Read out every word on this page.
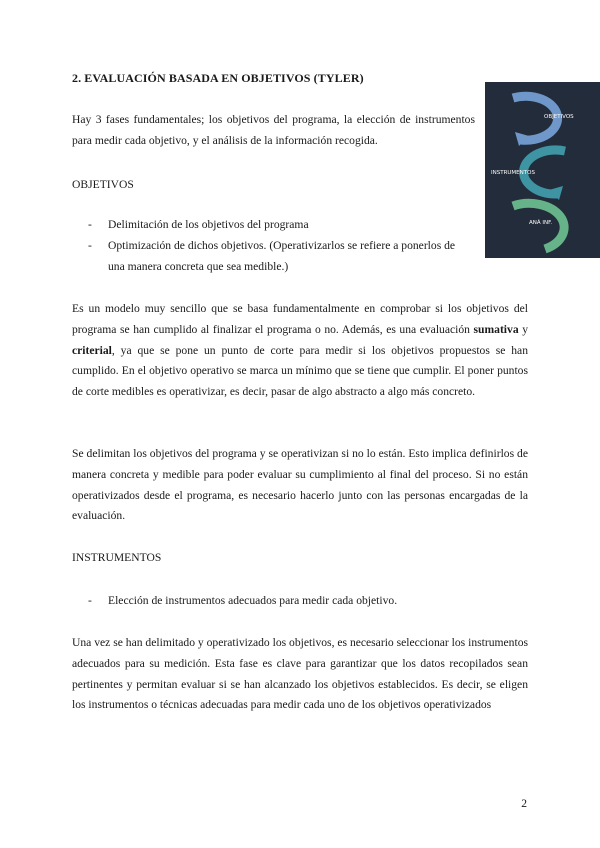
2. EVALUACIÓN BASADA EN OBJETIVOS (TYLER)

Hay 3 fases fundamentales; los objetivos del programa, la elección de instrumentos para medir cada objetivo, y el análisis de la información recogida.

OBJETIVOS
INSTRUMENTOS
ANÁ INF.
OBJETIVOS
- Delimitación de los objetivos del programa
- Optimización de dichos objetivos. (Operativizarlos se refiere a ponerlos de una manera concreta que sea medible.)

Es un modelo muy sencillo que se basa fundamentalmente en comprobar si los objetivos del programa se han cumplido al finalizar el programa o no. Además, es una evaluación sumativa y criterial, ya que se pone un punto de corte para medir si los objetivos propuestos se han cumplido. En el objetivo operativo se marca un mínimo que se tiene que cumplir. El poner puntos de corte medibles es operativizar, es decir, pasar de algo abstracto a algo más concreto.

Se delimitan los objetivos del programa y se operativizan si no lo están. Esto implica definirlos de manera concreta y medible para poder evaluar su cumplimiento al final del proceso. Si no están operativizados desde el programa, es necesario hacerlo junto con las personas encargadas de la evaluación.

INSTRUMENTOS
- Elección de instrumentos adecuados para medir cada objetivo.

Una vez se han delimitado y operativizado los objetivos, es necesario seleccionar los instrumentos adecuados para su medición. Esta fase es clave para garantizar que los datos recopilados sean pertinentes y permitan evaluar si se han alcanzado los objetivos establecidos. Es decir, se eligen los instrumentos o técnicas adecuadas para medir cada uno de los objetivos operativizados

2
